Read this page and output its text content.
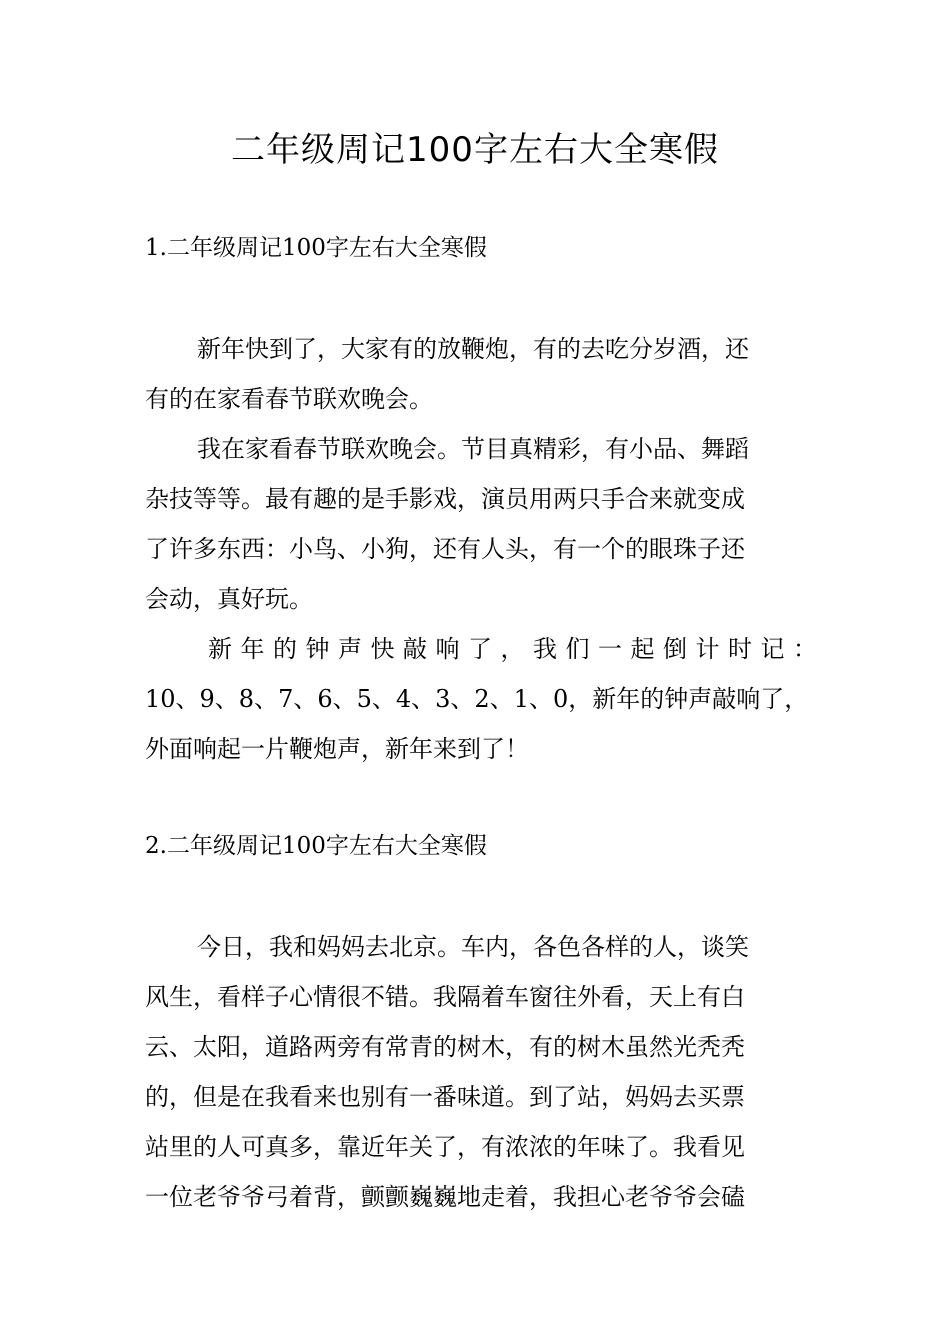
二年级周记100字左右大全寒假
1.二年级周记100字左右大全寒假
新年快到了，大家有的放鞭炮，有的去吃分岁酒，还
有的在家看春节联欢晚会。
我在家看春节联欢晚会。节目真精彩，有小品、舞蹈
杂技等等。最有趣的是手影戏，演员用两只手合来就变成
了许多东西：小鸟、小狗，还有人头，有一个的眼珠子还
会动，真好玩。
新年的钟声快敲响了，我们一起倒计时记：
10、9、8、7、6、5、4、3、2、1、0，新年的钟声敲响了，
外面响起一片鞭炮声，新年来到了！
2.二年级周记100字左右大全寒假
今日，我和妈妈去北京。车内，各色各样的人，谈笑
风生，看样子心情很不错。我隔着车窗往外看，天上有白
云、太阳，道路两旁有常青的树木，有的树木虽然光秃秃
的，但是在我看来也别有一番味道。到了站，妈妈去买票
站里的人可真多，靠近年关了，有浓浓的年味了。我看见
一位老爷爷弓着背，颤颤巍巍地走着，我担心老爷爷会磕
